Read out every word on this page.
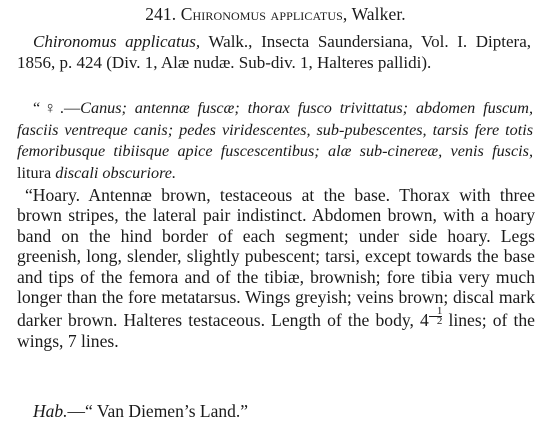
241. Chironomus applicatus, Walker.

Chironomus applicatus, Walk., Insecta Saundersiana, Vol. I. Diptera, 1856, p. 424 (Div. 1, Alæ nudæ. Sub-div. 1, Halteres pallidi).

“♀.—Canus; antennæ fuscæ; thorax fusco trivittatus; abdomen fuscum, fasciis ventreque canis; pedes viridescentes, sub-pubescentes, tarsis fere totis femoribusque tibiisque apice fuscescentibus; alæ sub-cinereæ, venis fuscis, litura discali obscuriore.

“Hoary. Antennæ brown, testaceous at the base. Thorax with three brown stripes, the lateral pair indistinct. Abdomen brown, with a hoary band on the hind border of each segment; under side hoary. Legs greenish, long, slender, slightly pubescent; tarsi, except towards the base and tips of the femora and of the tibiæ, brownish; fore tibia very much longer than the fore metatarsus. Wings greyish; veins brown; discal mark darker brown. Halteres testaceous. Length of the body, $4 \frac{1}{2}$ lines; of the wings, 7 lines.

Hab.—“ Van Diemen’s Land.”
